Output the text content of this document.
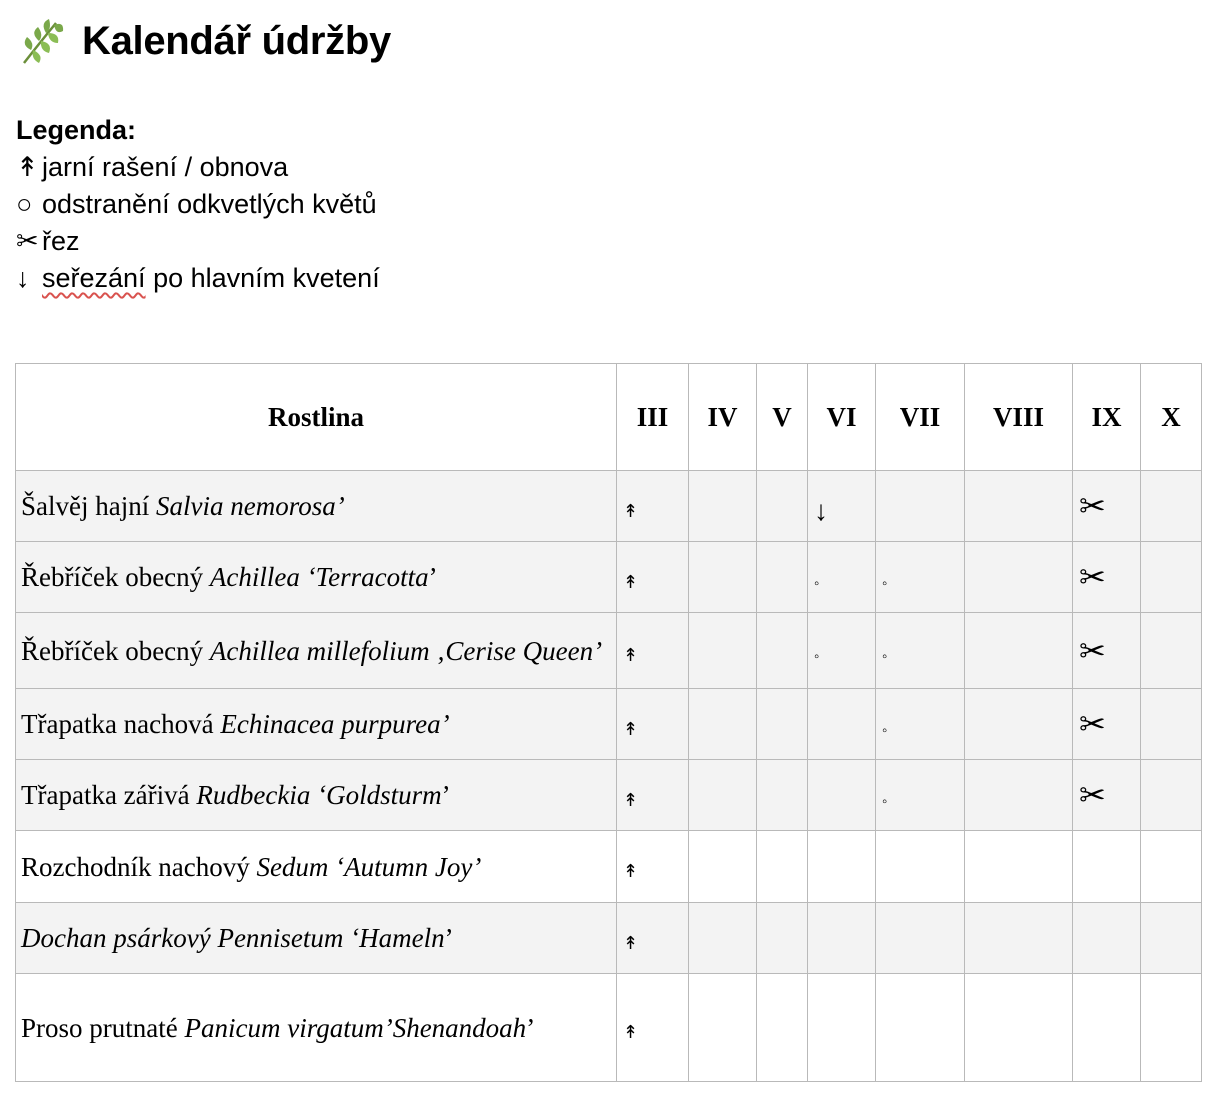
Kalendář údržby
Legenda:
↟ jarní rašení / obnova
○ odstranění odkvetlých květů
✂ řez
↓ seřezání po hlavním kvetení
Rostlina	III	IV	V	VI	VII	VIII	IX	X
Šalvěj hajní Salvia nemorosa’	↟			↓			✂	
Řebříček obecný Achillea ‘Terracotta’	↟			◦	◦		✂	
Řebříček obecný Achillea millefolium ‚Cerise Queen’	↟			◦	◦		✂	
Třapatka nachová Echinacea purpurea’	↟				◦		✂	
Třapatka zářivá Rudbeckia ‘Goldsturm’	↟				◦		✂	
Rozchodník nachový Sedum ‘Autumn Joy’	↟							
Dochan psárkový Pennisetum ‘Hameln’	↟							
Proso prutnaté Panicum virgatum’Shenandoah’	↟							
